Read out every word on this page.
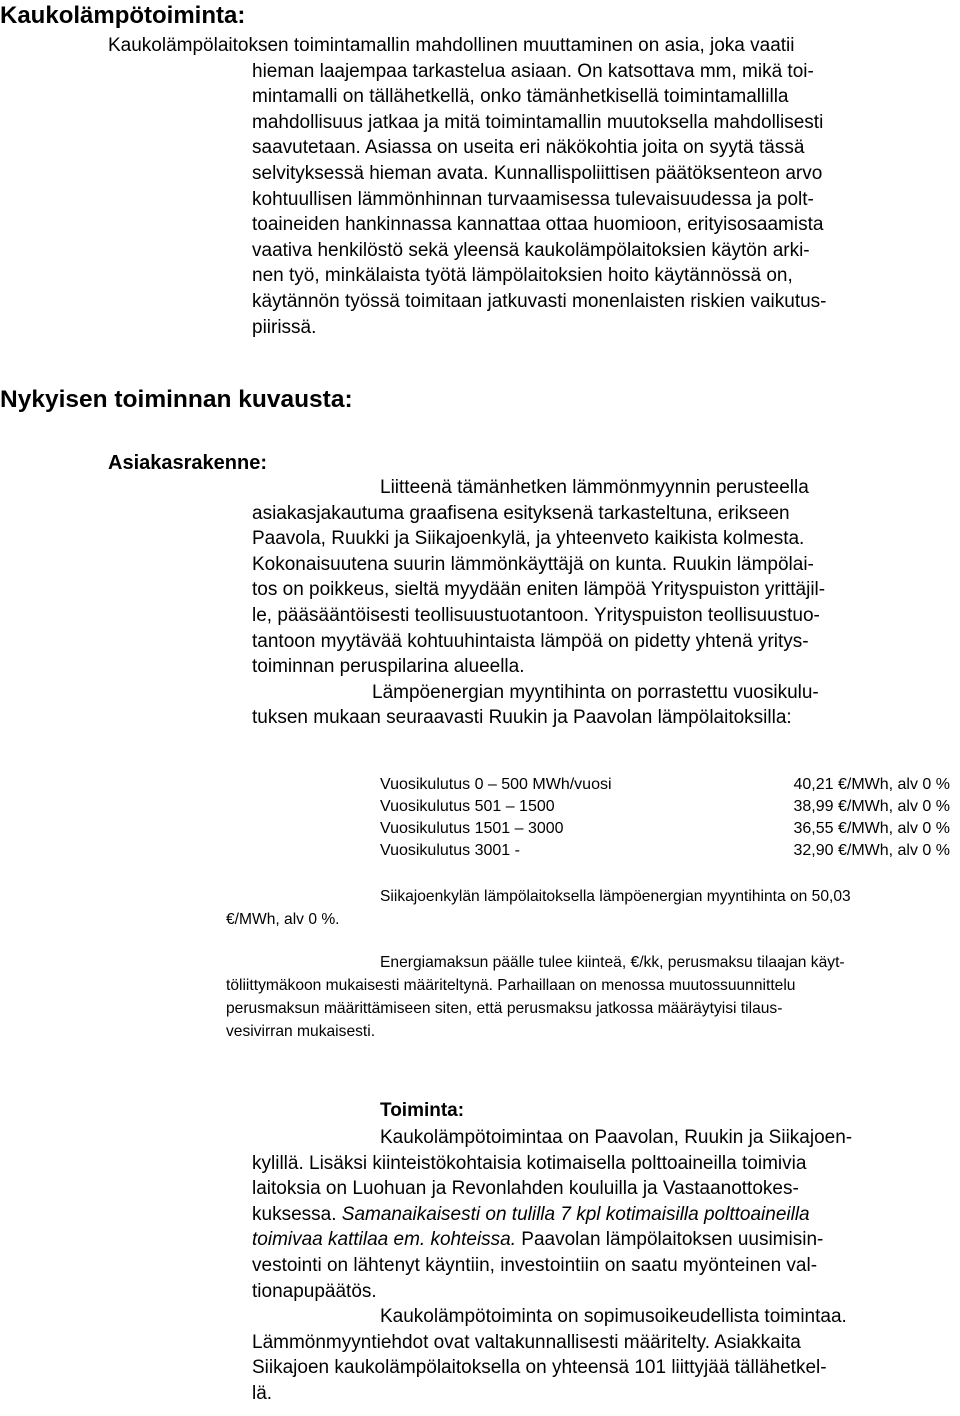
Kaukolämpötoiminta:
Kaukolämpölaitoksen toimintamallin mahdollinen muuttaminen on asia, joka vaatii
hieman laajempaa tarkastelua asiaan. On katsottava mm, mikä toi-
mintamalli on tällähetkellä, onko tämänhetkisellä toimintamallilla
mahdollisuus jatkaa ja mitä toimintamallin muutoksella mahdollisesti
saavutetaan. Asiassa on useita eri näkökohtia joita on syytä tässä
selvityksessä hieman avata. Kunnallispoliittisen päätöksenteon arvo
kohtuullisen lämmönhinnan turvaamisessa tulevaisuudessa ja polt-
toaineiden hankinnassa kannattaa ottaa huomioon, erityisosaamista
vaativa henkilöstö sekä yleensä kaukolämpölaitoksien käytön arki-
nen työ, minkälaista työtä lämpölaitoksien hoito käytännössä on,
käytännön työssä toimitaan jatkuvasti monenlaisten riskien vaikutus-
piirissä.
Nykyisen toiminnan kuvausta:
Asiakasrakenne:
Liitteenä tämänhetken lämmönmyynnin perusteella
asiakasjakautuma graafisena esityksenä tarkasteltuna, erikseen
Paavola, Ruukki ja Siikajoenkylä, ja yhteenveto kaikista kolmesta.
Kokonaisuutena suurin lämmönkäyttäjä on kunta. Ruukin lämpölai-
tos on poikkeus, sieltä myydään eniten lämpöä Yrityspuiston yrittäjil-
le, pääsääntöisesti teollisuustuotantoon. Yrityspuiston teollisuustuo-
tantoon myytävää kohtuuhintaista lämpöä on pidetty yhtenä yritys-
toiminnan peruspilarina alueella.
Lämpöenergian myyntihinta on porrastettu vuosikulu-
tuksen mukaan seuraavasti Ruukin ja Paavolan lämpölaitoksilla:
Vuosikulutus 0 – 500 MWh/vuosi	40,21 €/MWh, alv 0 %
Vuosikulutus 501 – 1500	38,99 €/MWh, alv 0 %
Vuosikulutus 1501 – 3000	36,55 €/MWh, alv 0 %
Vuosikulutus 3001 -	32,90 €/MWh, alv 0 %
Siikajoenkylän lämpölaitoksella lämpöenergian myyntihinta on 50,03
€/MWh, alv 0 %.
Energiamaksun päälle tulee kiinteä, €/kk, perusmaksu tilaajan käyt-
töliittymäkoon mukaisesti määriteltynä. Parhaillaan on menossa muutossuunnittelu
perusmaksun määrittämiseen siten, että perusmaksu jatkossa määräytyisi tilaus-
vesivirran mukaisesti.
Toiminta:
Kaukolämpötoimintaa on Paavolan, Ruukin ja Siikajoen-
kylillä. Lisäksi kiinteistökohtaisia kotimaisella polttoaineilla toimivia
laitoksia on Luohuan ja Revonlahden kouluilla ja Vastaanottokes-
kuksessa. Samanaikaisesti on tulilla 7 kpl kotimaisilla polttoaineilla
toimivaa kattilaa em. kohteissa. Paavolan lämpölaitoksen uusimisin-
vestointi on lähtenyt käyntiin, investointiin on saatu myönteinen val-
tionapupäätös.
Kaukolämpötoiminta on sopimusoikeudellista toimintaa.
Lämmönmyyntiehdot ovat valtakunnallisesti määritelty. Asiakkaita
Siikajoen kaukolämpölaitoksella on yhteensä 101 liittyjää tällähetkel-
lä.
